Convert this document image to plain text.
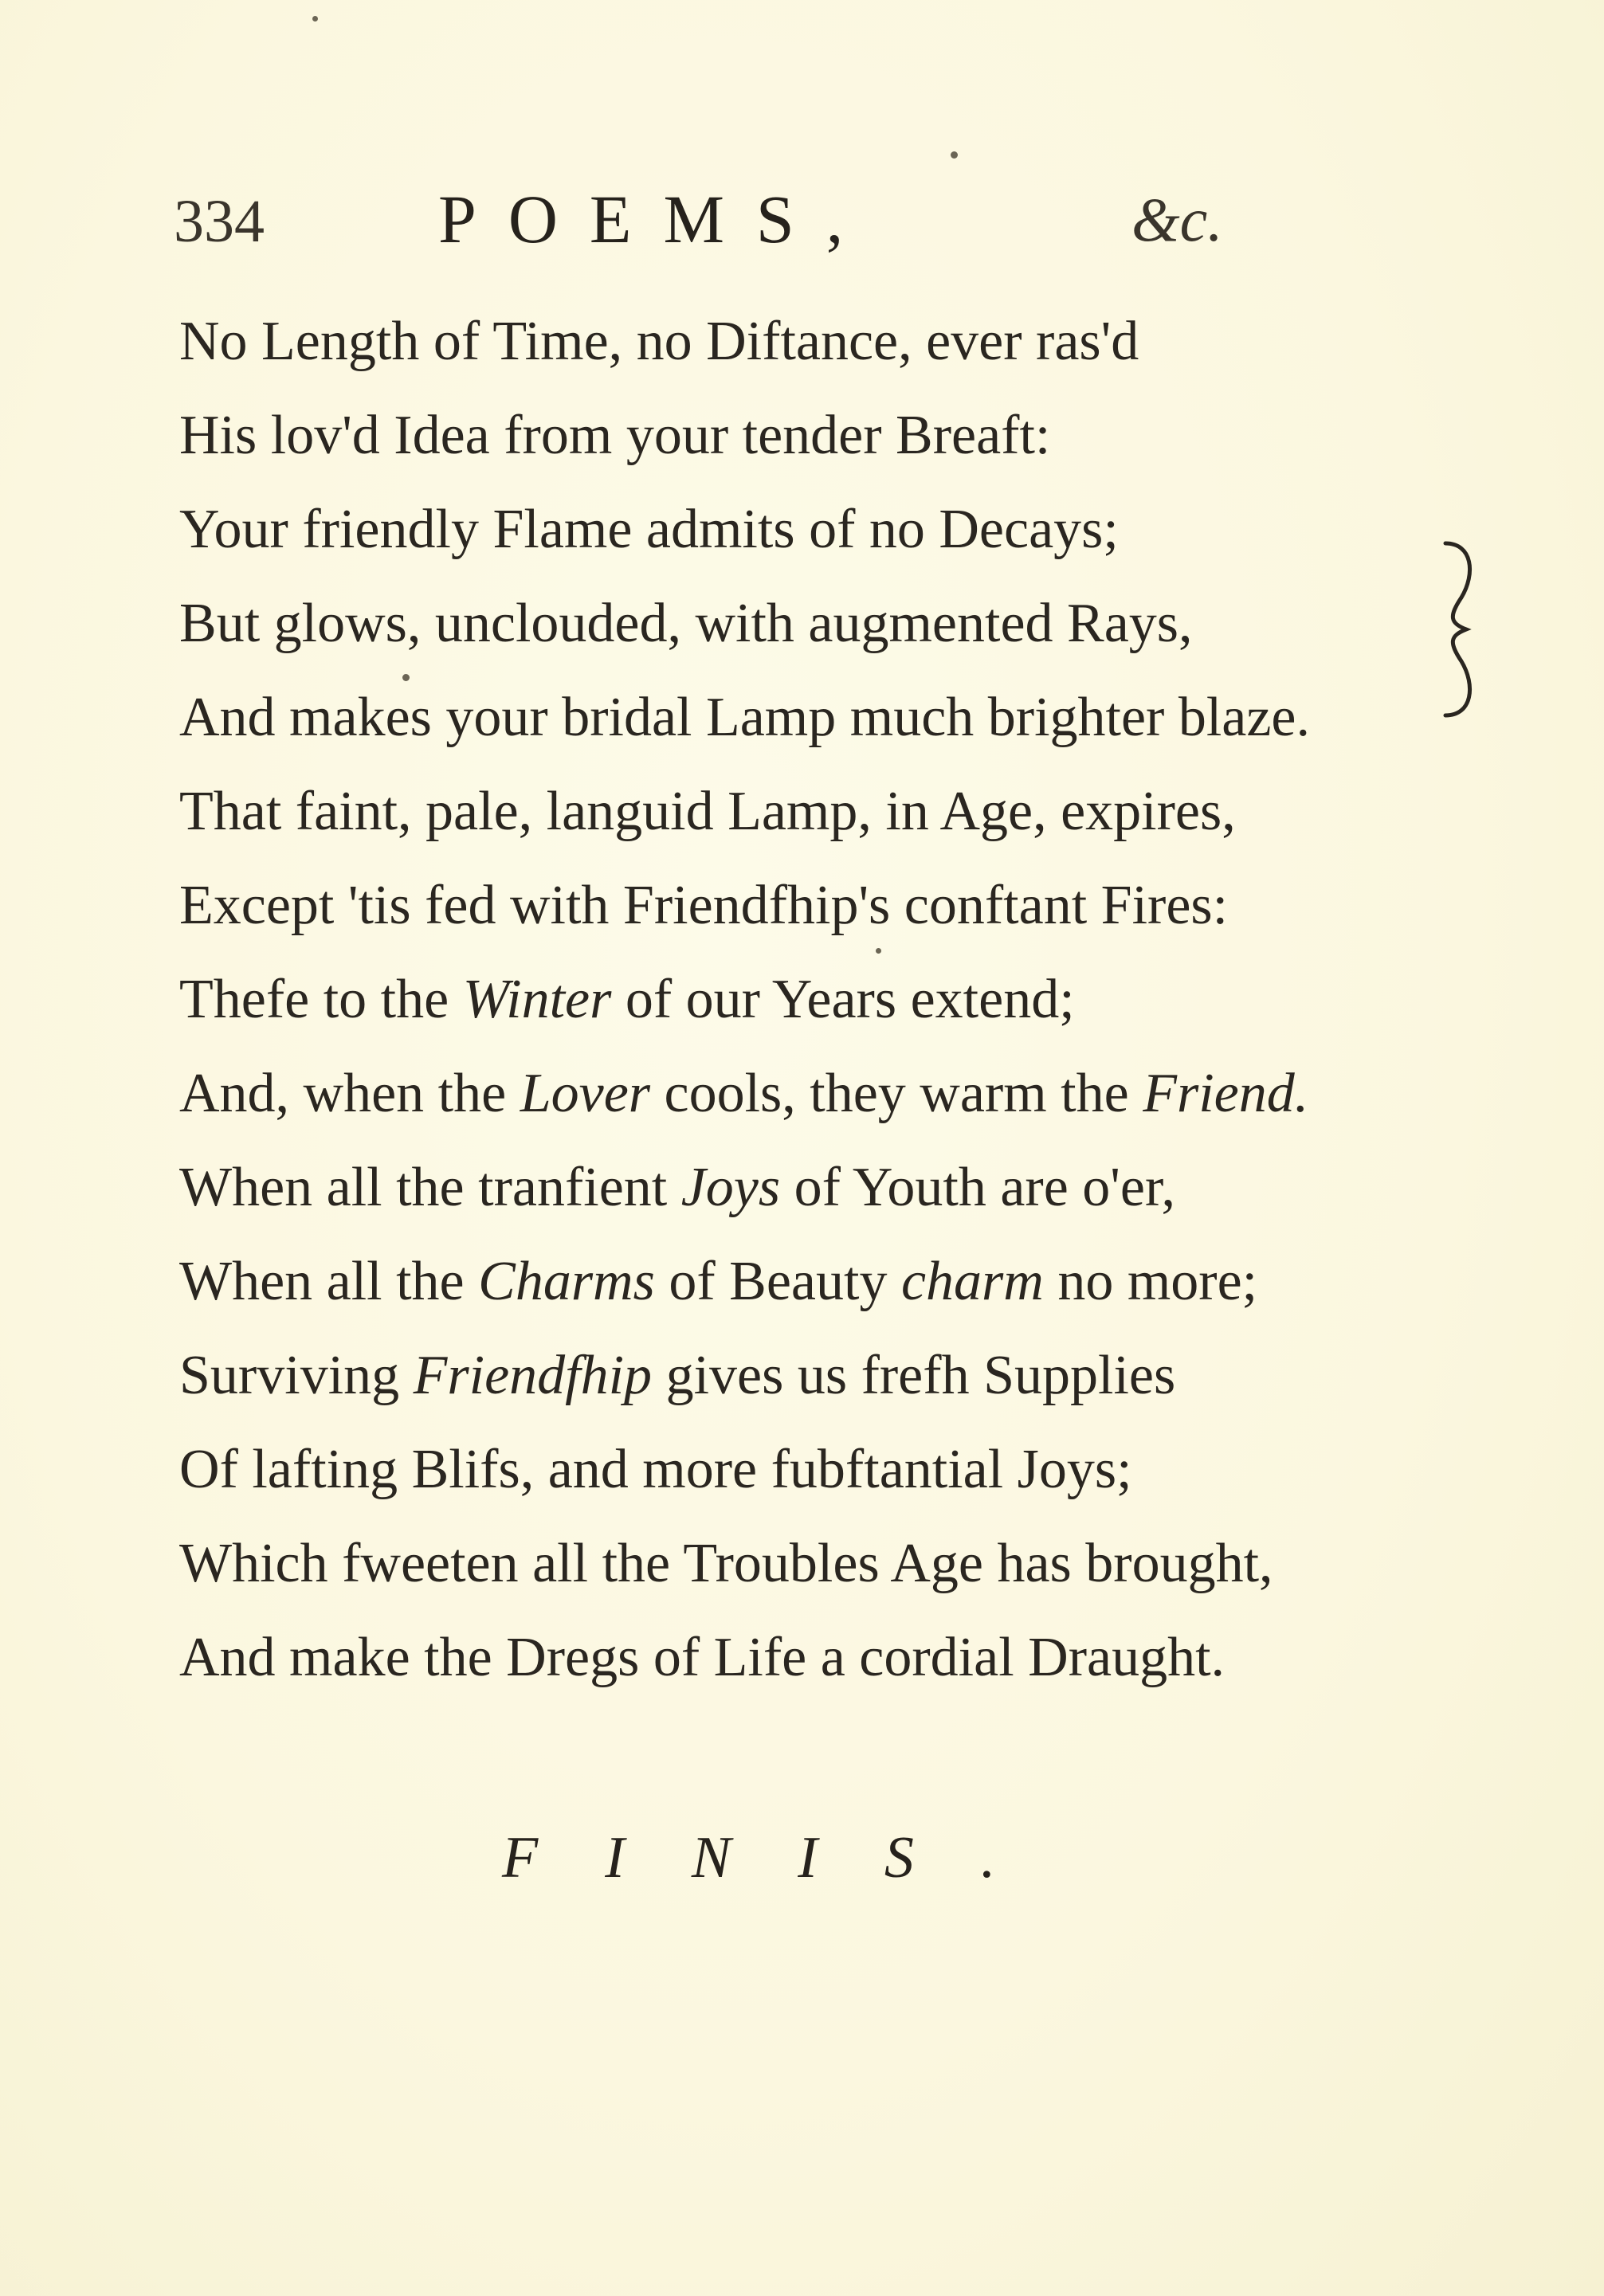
334	POEMS,	&c.
No Length of Time, no Diftance, ever ras'd
His lov'd Idea from your tender Breaft:
Your friendly Flame admits of no Decays;
But glows, unclouded, with augmented Rays,
And makes your bridal Lamp much brighter blaze.
That faint, pale, languid Lamp, in Age, expires,
Except 'tis fed with Friendfhip's conftant Fires:
Thefe to the Winter of our Years extend;
And, when the Lover cools, they warm the Friend.
When all the tranfient Joys of Youth are o'er,
When all the Charms of Beauty charm no more;
Surviving Friendfhip gives us frefh Supplies
Of lafting Blifs, and more fubftantial Joys;
Which fweeten all the Troubles Age has brought,
And make the Dregs of Life a cordial Draught.
FINIS.
